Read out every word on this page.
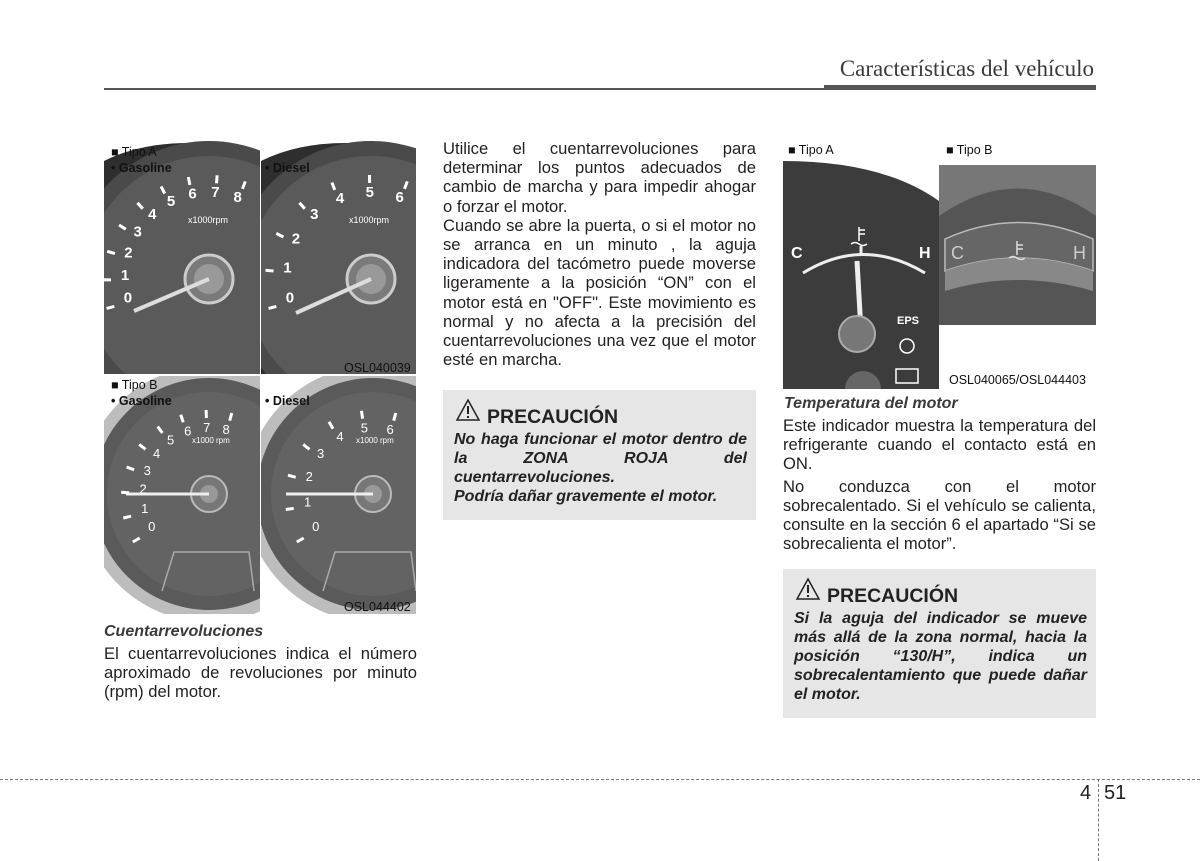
Características del vehículo
0
1
2
3
4
5 6 7 8
x1000rpm
■ Tipo A
• Gasoline
0
1
2
3
4 5 6
x1000rpm
• Diesel
OSL040039
0
1
2
3
4
5
6 7 8
x1000 rpm
■ Tipo B
• Gasoline
0
1
2
3
4
5 6
x1000 rpm
• Diesel
OSL044402
Cuentarrevoluciones
El cuentarrevoluciones indica el número aproximado de revoluciones por minuto (rpm) del motor.

Utilice el cuentarrevoluciones para determinar los puntos adecuados de cambio de marcha y para impedir ahogar o forzar el motor.

Cuando se abre la puerta, o si el motor no se arranca en un minuto , la aguja indicadora del tacómetro puede moverse ligeramente a la posición “ON” con el motor está en "OFF". Este movimiento es normal y no afecta a la precisión del cuentarrevoluciones una vez que el motor esté en marcha.

PRECAUCIÓN
No haga funcionar el motor dentro de la ZONA ROJA del cuentarrevoluciones.
Podría dañar gravemente el motor.
C	H
EPS
C	H
■ Tipo A	■ Tipo B
OSL040065/OSL044403
Temperatura del motor

Este indicador muestra la temperatura del refrigerante cuando el contacto está en ON.

No conduzca con el motor sobrecalentado. Si el vehículo se calienta, consulte en la sección 6 el apartado “Si se sobrecalienta el motor”.

PRECAUCIÓN
Si la aguja del indicador se mueve más allá de la zona normal, hacia la posición “130/H”, indica un sobrecalentamiento que puede dañar el motor.
4 51
